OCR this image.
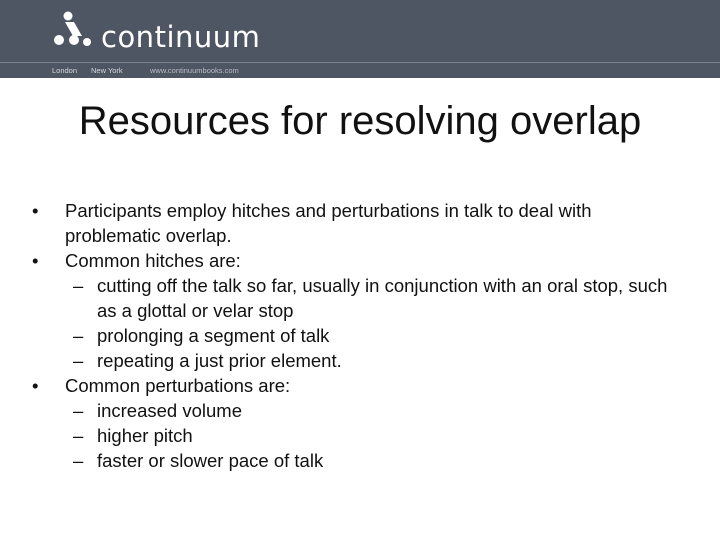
continuum
London New York	www.continuumbooks.com
Resources for resolving overlap
•	Participants employ hitches and perturbations in talk to deal with problematic overlap.
•	Common hitches are:
– cutting off the talk so far, usually in conjunction with an oral stop, such as a glottal or velar stop
– prolonging a segment of talk
– repeating a just prior element.
•	Common perturbations are:
– increased volume
– higher pitch
– faster or slower pace of talk
